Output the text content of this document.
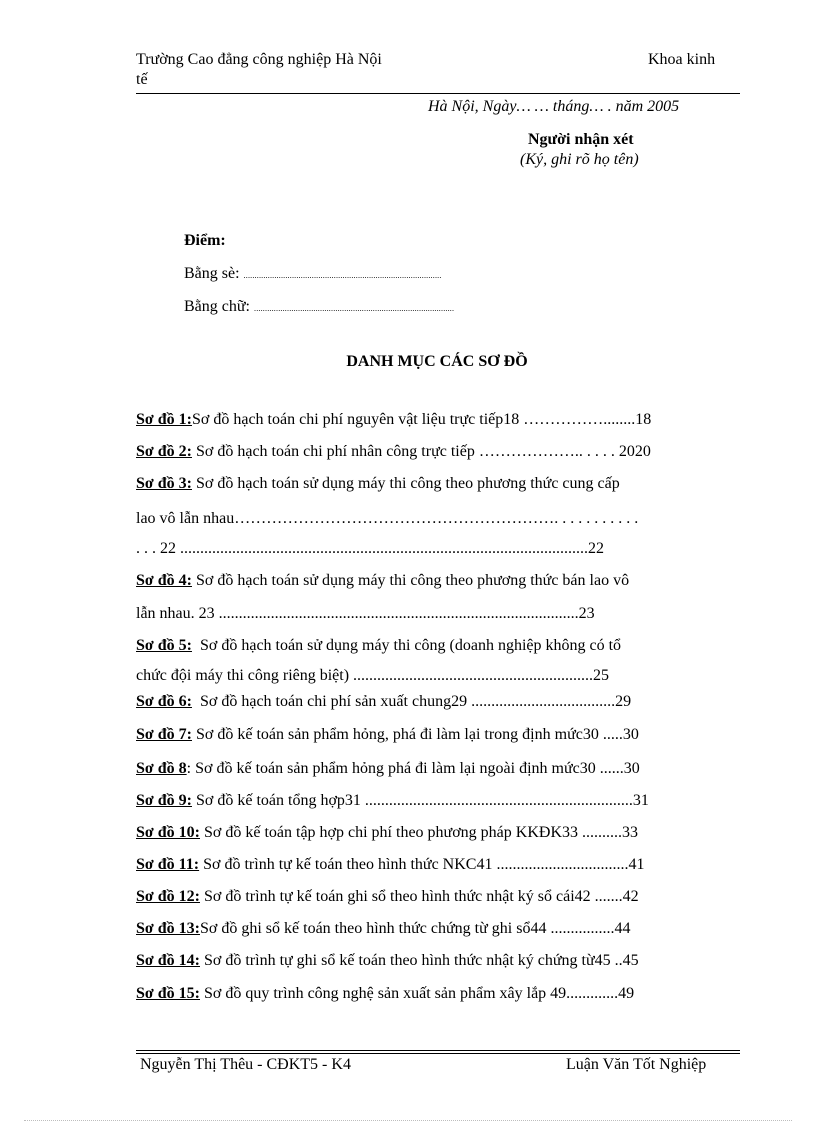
Trường Cao đẳng công nghiệp Hà Nội
tế
Khoa kinh
Hà Nội, Ngày… … tháng… . năm 2005
Người nhận xét
(Ký, ghi rõ họ tên)
Điểm:
Bằng sè: ..........................................................................................
Bằng chữ: ...........................................................................................
DANH MỤC CÁC SƠ ĐỒ
Sơ đồ 1:Sơ đồ hạch toán chi phí nguyên vật liệu trực tiếp18 ……………........18
Sơ đồ 2: Sơ đồ hạch toán chi phí nhân công trực tiếp ……………….. . . . . 2020
Sơ đồ 3: Sơ đồ hạch toán sử dụng máy thi công theo phương thức cung cấp
lao vô lẫn nhau……………………………………………………. . . . . . . . . . .
. . . 22 ......................................................................................................22
Sơ đồ 4: Sơ đồ hạch toán sử dụng máy thi công theo phương thức bán lao vô
lẫn nhau. 23 ..........................................................................................23
Sơ đồ 5: Sơ đồ hạch toán sử dụng máy thi công (doanh nghiệp không có tổ
chức đội máy thi công riêng biệt) ............................................................25
Sơ đồ 6: Sơ đồ hạch toán chi phí sản xuất chung29 ....................................29
Sơ đồ 7: Sơ đồ kế toán sản phẩm hỏng, phá đi làm lại trong định mức30 .....30
Sơ đồ 8: Sơ đồ kế toán sản phẩm hỏng phá đi làm lại ngoài định mức30 ......30
Sơ đồ 9: Sơ đồ kế toán tổng hợp31 ...................................................................31
Sơ đồ 10: Sơ đồ kế toán tập hợp chi phí theo phương pháp KKĐK33 ..........33
Sơ đồ 11: Sơ đồ trình tự kế toán theo hình thức NKC41 .................................41
Sơ đồ 12: Sơ đồ trình tự kế toán ghi sổ theo hình thức nhật ký sổ cái42 .......42
Sơ đồ 13:Sơ đồ ghi sổ kế toán theo hình thức chứng từ ghi sổ44 ................44
Sơ đồ 14: Sơ đồ trình tự ghi sổ kế toán theo hình thức nhật ký chứng từ45 ..45
Sơ đồ 15: Sơ đồ quy trình công nghệ sản xuất sản phẩm xây lắp 49.............49
Nguyễn Thị Thêu - CĐKT5 - K4	Luận Văn Tốt Nghiệp
